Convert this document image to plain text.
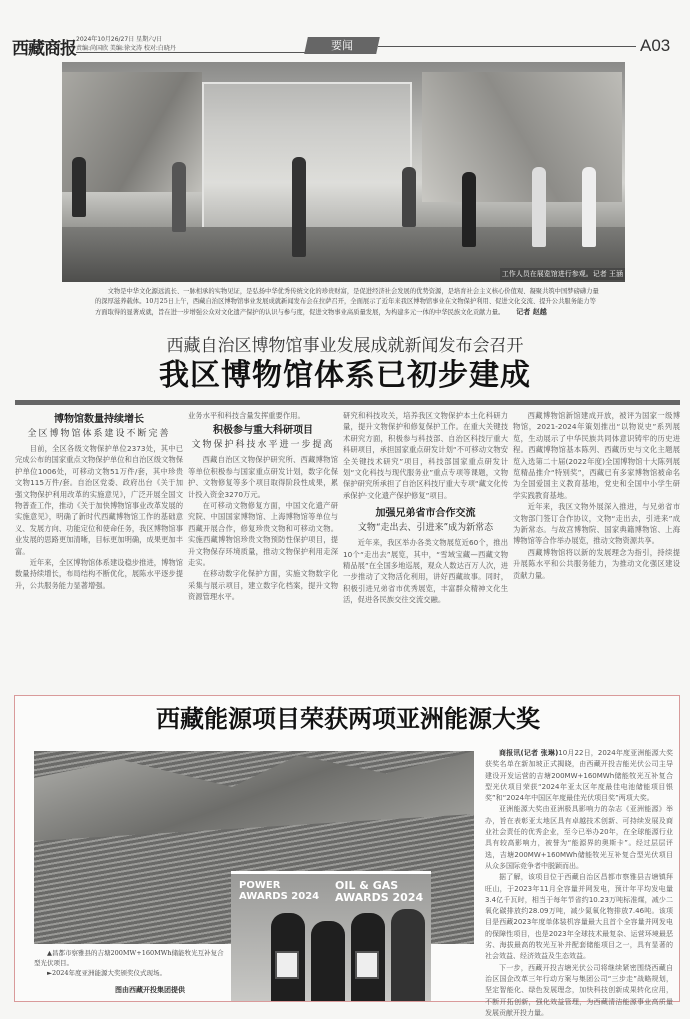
西藏商报 2024年10月26/27日 星期六/日
责编:尚国欣 美编:徐文涛 校对:白晓丹	要闻	A03
工作人员在展览馆进行参观。记者 王涵
文物是中华文化源远流长、一脉相承的实物见证，是弘扬中华优秀传统文化的珍贵财富，是促进经济社会发展的优势资源，是培育社会主义核心价值观、凝聚共筑中国梦磅礴力量的深厚滋养载体。10月25日上午，西藏自治区博物馆事业发展成就新闻发布会在拉萨召开，全面展示了近年来我区博物馆事业在文物保护利用、促进文化交流、提升公共服务能力等方面取得的显著成就，旨在进一步增强公众对文化遗产保护的认识与参与度，促进文物事业高质量发展，为构建多元一体的中华民族文化贡献力量。 记者 赵越
西藏自治区博物馆事业发展成就新闻发布会召开
我区博物馆体系已初步建成
博物馆数量持续增长
全区博物馆体系建设不断完善

目前，全区各级文物保护单位2373处，其中已完成公布的国家重点文物保护单位和自治区级文物保护单位1006处，可移动文物51万件/套，其中珍贵文物115万件/套。自治区党委、政府出台《关于加强文物保护利用改革的实施意见》，广泛开展全国文物普查工作，推动《关于加快博物馆事业改革发展的实施意见》，明确了新时代西藏博物馆工作的基础意义、发展方向、功能定位和使命任务，我区博物馆事业发展的思路更加清晰，目标更加明确，成果更加丰富。

近年来，全区博物馆体系建设稳步推进，博物馆数量持续增长，布局结构不断优化，展陈水平逐步提升，公共服务能力显著增强。

业务水平和科技含量发挥重要作用。
积极参与重大科研项目
文物保护科技水平进一步提高

西藏自治区文物保护研究所、西藏博物馆等单位积极参与国家重点研发计划，数字化保护、文物修复等多个项目取得阶段性成果，累计投入资金3270万元。

在可移动文物修复方面，中国文化遗产研究院、中国国家博物馆、上海博物馆等单位与西藏开展合作，修复珍贵文物和可移动文物。实施西藏博物馆珍贵文物预防性保护项目，提升文物保存环境质量，推动文物保护利用走深走实。

在移动数字化保护方面，实施文物数字化采集与展示项目，建立数字化档案，提升文物资源管理水平。

研究和科技攻关，培养我区文物保护本土化科研力量，提升文物保护和修复保护工作。在重大关键技术研究方面，积极参与科技部、自治区科技厅重大科研项目，承担国家重点研发计划“不可移动文物安全关键技术研究”项目，科技部国家重点研发计划“文化科技与现代服务业”重点专项等课题，文物保护研究所承担了自治区科技厅重大专项“藏文化传承保护·文化遗产保护修复”项目。

加强兄弟省市合作交流
文物“走出去、引进来”成为新常态

近年来，我区举办各类文物展览近60个，推出10个“走出去”展览，其中，“雪域宝藏—西藏文物精品展”在全国多地巡展，观众人数达百万人次，进一步推动了文物活化利用，讲好西藏故事。同时，积极引进兄弟省市优秀展览，丰富群众精神文化生活，促进各民族交往交流交融。

西藏博物馆新馆建成开放，被评为国家一级博物馆，2021-2024年策划推出“以物说史”系列展览，生动展示了中华民族共同体意识铸牢的历史进程。西藏博物馆基本陈列、西藏历史与文化主题展览入选第二十届(2022年度)全国博物馆十大陈列展览精品推介“特别奖”，西藏已有多家博物馆被命名为全国爱国主义教育基地，党史和全国中小学生研学实践教育基地。

近年来，我区文物外展深入推进，与兄弟省市文物部门签订合作协议，文物“走出去，引进来”成为新常态。与故宫博物院、国家典籍博物馆、上海博物馆等合作举办展览，推动文物资源共享。

西藏博物馆将以新的发展理念为指引，持续提升展陈水平和公共服务能力，为推动文化强区建设贡献力量。

西藏能源项目荣获两项亚洲能源大奖
POWER AWARDS 2024
OIL & GAS AWARDS 2024

▲昌都市察雅县的吉塘200MW+160MWh储能牧光互补复合型光伏项目。

►2024年度亚洲能源大奖颁奖仪式现场。

图由西藏开投集团提供

商报讯(记者 张琳)10月22日，2024年度亚洲能源大奖获奖名单在新加坡正式揭晓，由西藏开投吉能光伏公司主导建设开发运营的吉塘200MW+160MWh储能牧光互补复合型光伏项目荣获“2024年亚太区年度最佳电池储能项目银奖”和“2024年中国区年度最佳光伏项目奖”两项大奖。

亚洲能源大奖由亚洲极具影响力的杂志《亚洲能源》举办，旨在表彰亚太地区具有卓越技术创新、可持续发展及商业社会责任的优秀企业，至今已举办20年，在全球能源行业具有较高影响力，被誉为“能源界的奥斯卡”。经过层层评选，吉塘200MW+160MWh储能牧光互补复合型光伏项目从众多国际竞争者中脱颖而出。

据了解，该项目位于西藏自治区昌都市察雅县吉塘镇拜旺山，于2023年11月全容量并网发电，预计年平均发电量3.4亿千瓦时，相当于每年节省约10.23万吨标准煤，减少二氧化碳排放约28.09万吨，减少氮氧化物排放7.46吨。该项目是西藏2023年度单体装机容量最大且首个全容量并网发电的保障性项目，也是2023年全球技术最复杂、运营环境最恶劣、海拔最高的牧光互补并配套储能项目之一，具有显著的社会效益、经济效益及生态效益。

下一步，西藏开投吉塘光伏公司将继续紧密围绕西藏自治区国企改革三年行动方案与集团公司“三步走”战略规划，坚定智能化、绿色发展理念，加快科技创新成果转化应用，不断开拓创新，强化效益管理，为西藏清洁能源事业高质量发展贡献开投力量。
